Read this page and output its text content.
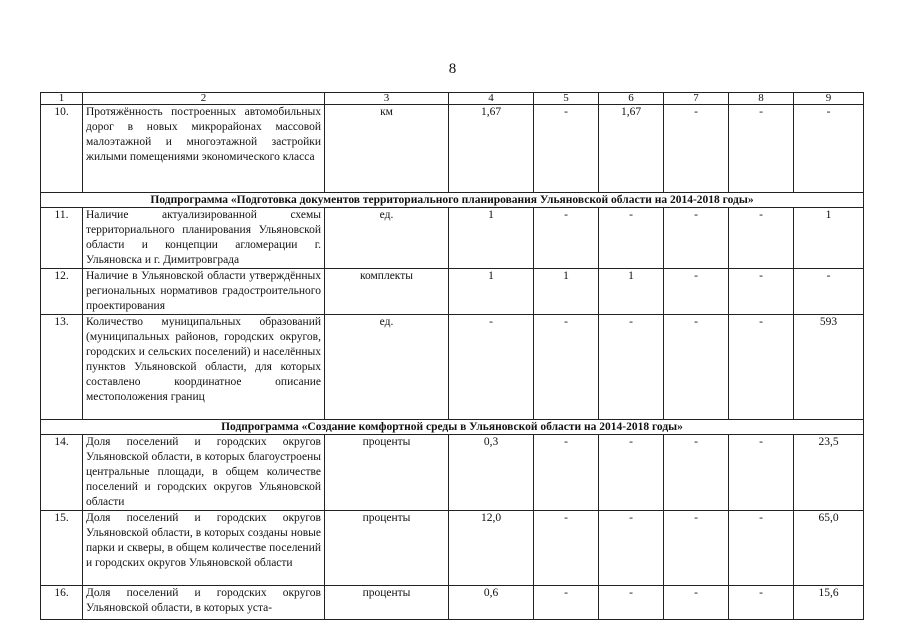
8
1	2	3	4	5	6	7	8	9
10.	Протяжённость построенных автомобильных дорог в новых микрорайонах массовой малоэтажной и многоэтажной застройки жилыми помещениями экономического класса	км	1,67	-	1,67	-	-	-
Подпрограмма «Подготовка документов территориального планирования Ульяновской области на 2014-2018 годы»								
11.	Наличие актуализированной схемы территориального планирования Ульяновской области и концепции агломерации г. Ульяновска и г. Димитровграда	ед.	1	-	-	-	-	1
12.	Наличие в Ульяновской области утверждённых региональных нормативов градостроительного проектирования	комплекты	1	1	1	-	-	-
13.	Количество муниципальных образований (муниципальных районов, городских округов, городских и сельских поселений) и населённых пунктов Ульяновской области, для которых составлено координатное описание местоположения границ	ед.	-	-	-	-	-	593
Подпрограмма «Создание комфортной среды в Ульяновской области на 2014-2018 годы»								
14.	Доля поселений и городских округов Ульяновской области, в которых благоустроены центральные площади, в общем количестве поселений и городских округов Ульяновской области	проценты	0,3	-	-	-	-	23,5
15.	Доля поселений и городских округов Ульяновской области, в которых созданы новые парки и скверы, в общем количестве поселений и городских округов Ульяновской области	проценты	12,0	-	-	-	-	65,0
16.	Доля поселений и городских округов Ульяновской области, в которых уста-	проценты	0,6	-	-	-	-	15,6
